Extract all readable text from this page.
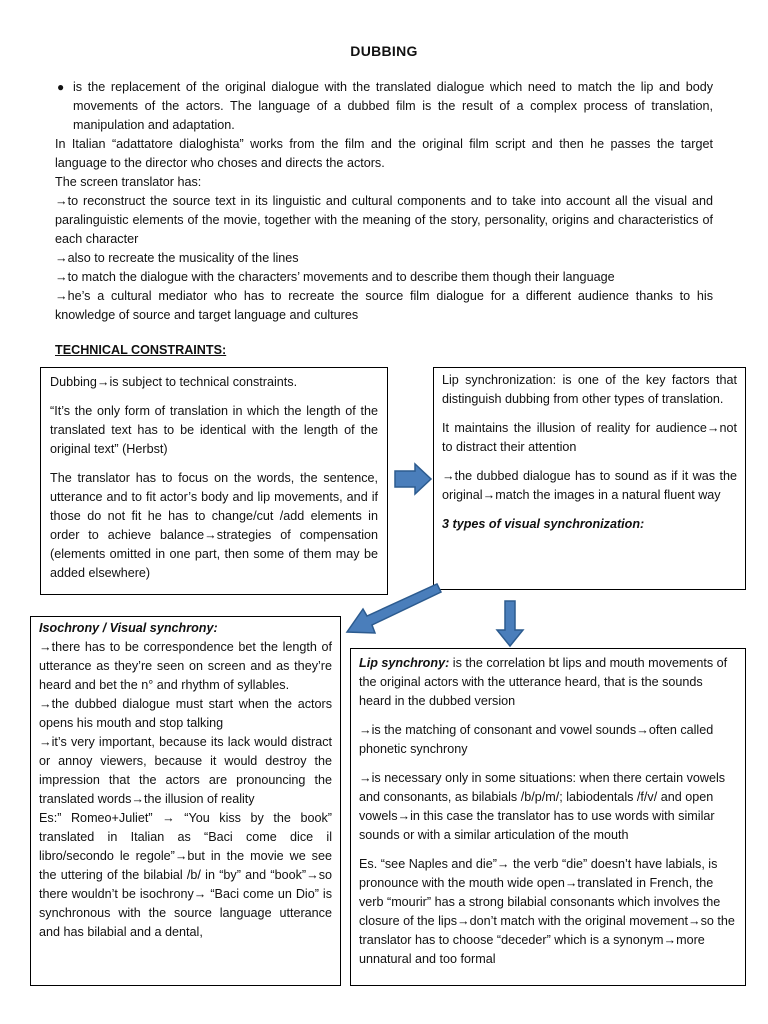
DUBBING

● is the replacement of the original dialogue with the translated dialogue which need to match the lip and body movements of the actors. The language of a dubbed film is the result of a complex process of translation, manipulation and adaptation.

In Italian “adattatore dialoghista” works from the film and the original film script and then he passes the target language to the director who choses and directs the actors.

The screen translator has:

→to reconstruct the source text in its linguistic and cultural components and to take into account all the visual and paralinguistic elements of the movie, together with the meaning of the story, personality, origins and characteristics of each character

→also to recreate the musicality of the lines

→to match the dialogue with the characters’ movements and to describe them though their language

→he’s a cultural mediator who has to recreate the source film dialogue for a different audience thanks to his knowledge of source and target language and cultures

TECHNICAL CONSTRAINTS:

Dubbing→is subject to technical constraints.

“It’s the only form of translation in which the length of the translated text has to be identical with the length of the original text” (Herbst)

The translator has to focus on the words, the sentence, utterance and to fit actor’s body and lip movements, and if those do not fit he has to change/cut /add elements in order to achieve balance→strategies of compensation (elements omitted in one part, then some of them may be added elsewhere)

Lip synchronization: is one of the key factors that distinguish dubbing from other types of translation.

It maintains the illusion of reality for audience→not to distract their attention

→the dubbed dialogue has to sound as if it was the original→match the images in a natural fluent way

3 types of visual synchronization:

Isochrony / Visual synchrony:

→there has to be correspondence bet the length of utterance as they’re seen on screen and as they’re heard and bet the n° and rhythm of syllables.

→the dubbed dialogue must start when the actors opens his mouth and stop talking

→it’s very important, because its lack would distract or annoy viewers, because it would destroy the impression that the actors are pronouncing the translated words→the illusion of reality

Es:” Romeo+Juliet” → “You kiss by the book” translated in Italian as “Baci come dice il libro/secondo le regole”→but in the movie we see the uttering of the bilabial /b/ in “by” and “book”→so there wouldn’t be isochrony→ “Baci come un Dio” is synchronous with the source language utterance and has bilabial and a dental,

Lip synchrony: is the correlation bt lips and mouth movements of the original actors with the utterance heard, that is the sounds heard in the dubbed version

→is the matching of consonant and vowel sounds→often called phonetic synchrony

→is necessary only in some situations: when there certain vowels and consonants, as bilabials /b/p/m/; labiodentals /f/v/ and open vowels→in this case the translator has to use words with similar sounds or with a similar articulation of the mouth

Es. “see Naples and die”→ the verb “die” doesn’t have labials, is pronounce with the mouth wide open→translated in French, the verb “mourir” has a strong bilabial consonants which involves the closure of the lips→don’t match with the original movement→so the translator has to choose “deceder” which is a synonym→more unnatural and too formal
